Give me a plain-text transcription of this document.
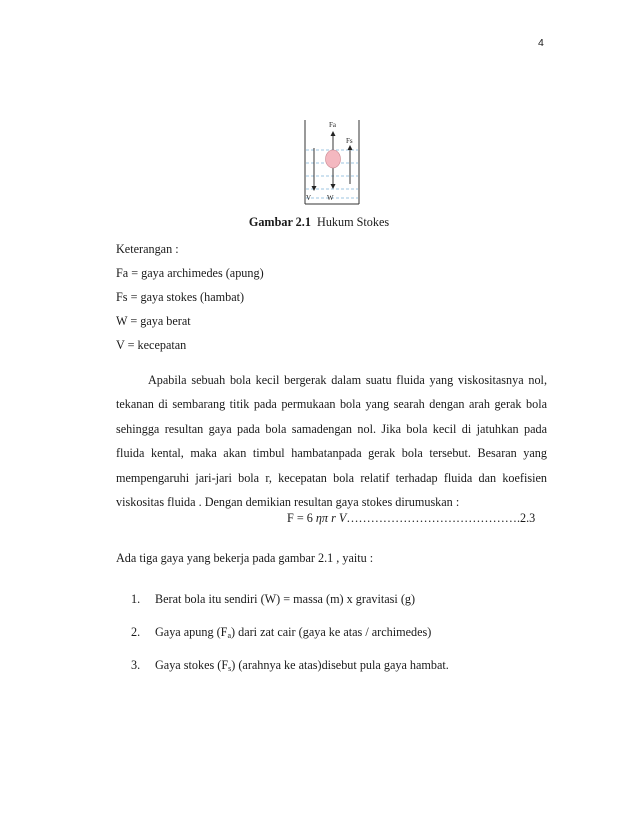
4
Fa
Fs
V W
Gambar 2.1 Hukum Stokes
Keterangan :
Fa = gaya archimedes (apung)
Fs = gaya stokes (hambat)
W = gaya berat
V = kecepatan
Apabila sebuah bola kecil bergerak dalam suatu fluida yang viskositasnya nol,
tekanan di sembarang titik pada permukaan bola yang searah dengan arah gerak bola
sehingga resultan gaya pada bola samadengan nol. Jika bola kecil di jatuhkan pada
fluida kental, maka akan timbul hambatanpada gerak bola tersebut. Besaran yang
mempengaruhi jari-jari bola r, kecepatan bola relatif terhadap fluida dan koefisien
viskositas fluida . Dengan demikian resultan gaya stokes dirumuskan :
F = 6 ηπ r V…………………………………….2.3
Ada tiga gaya yang bekerja pada gambar 2.1 , yaitu :
1. Berat bola itu sendiri (W) = massa (m) x gravitasi (g)
2. Gaya apung $(F_a)$ dari zat cair (gaya ke atas / archimedes)
3. Gaya stokes $(F_s)$ (arahnya ke atas)disebut pula gaya hambat.
